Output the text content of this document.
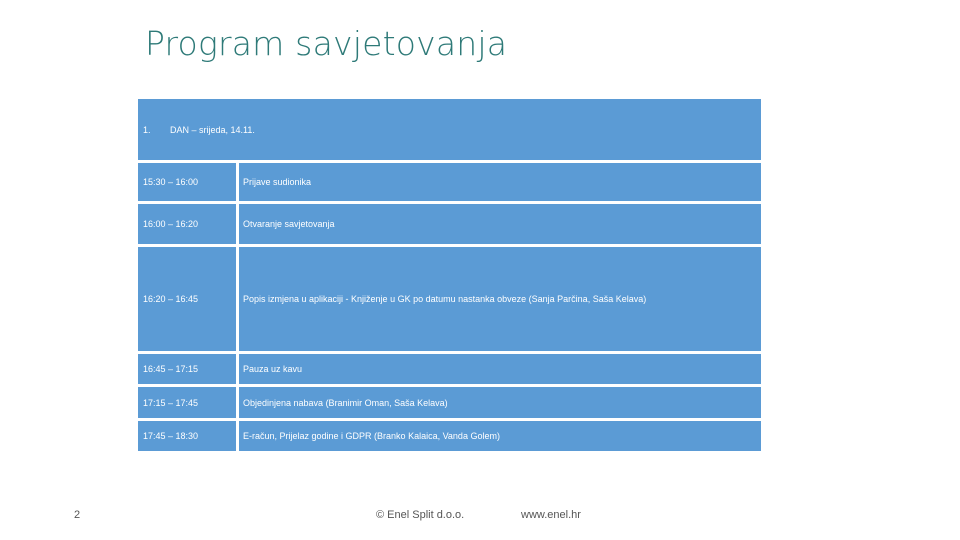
Program savjetovanja
1. DAN – srijeda, 14.11.
15:30 – 16:00	Prijave sudionika
16:00 – 16:20	Otvaranje savjetovanja
16:20 – 16:45	Popis izmjena u aplikaciji - Knjiženje u GK po datumu nastanka obveze (Sanja Parčina, Saša Kelava)
16:45 – 17:15	Pauza uz kavu
17:15 – 17:45	Objedinjena nabava (Branimir Oman, Saša Kelava)
17:45 – 18:30	E-račun, Prijelaz godine i GDPR (Branko Kalaica, Vanda Golem)
2	© Enel Split d.o.o.	www.enel.hr
